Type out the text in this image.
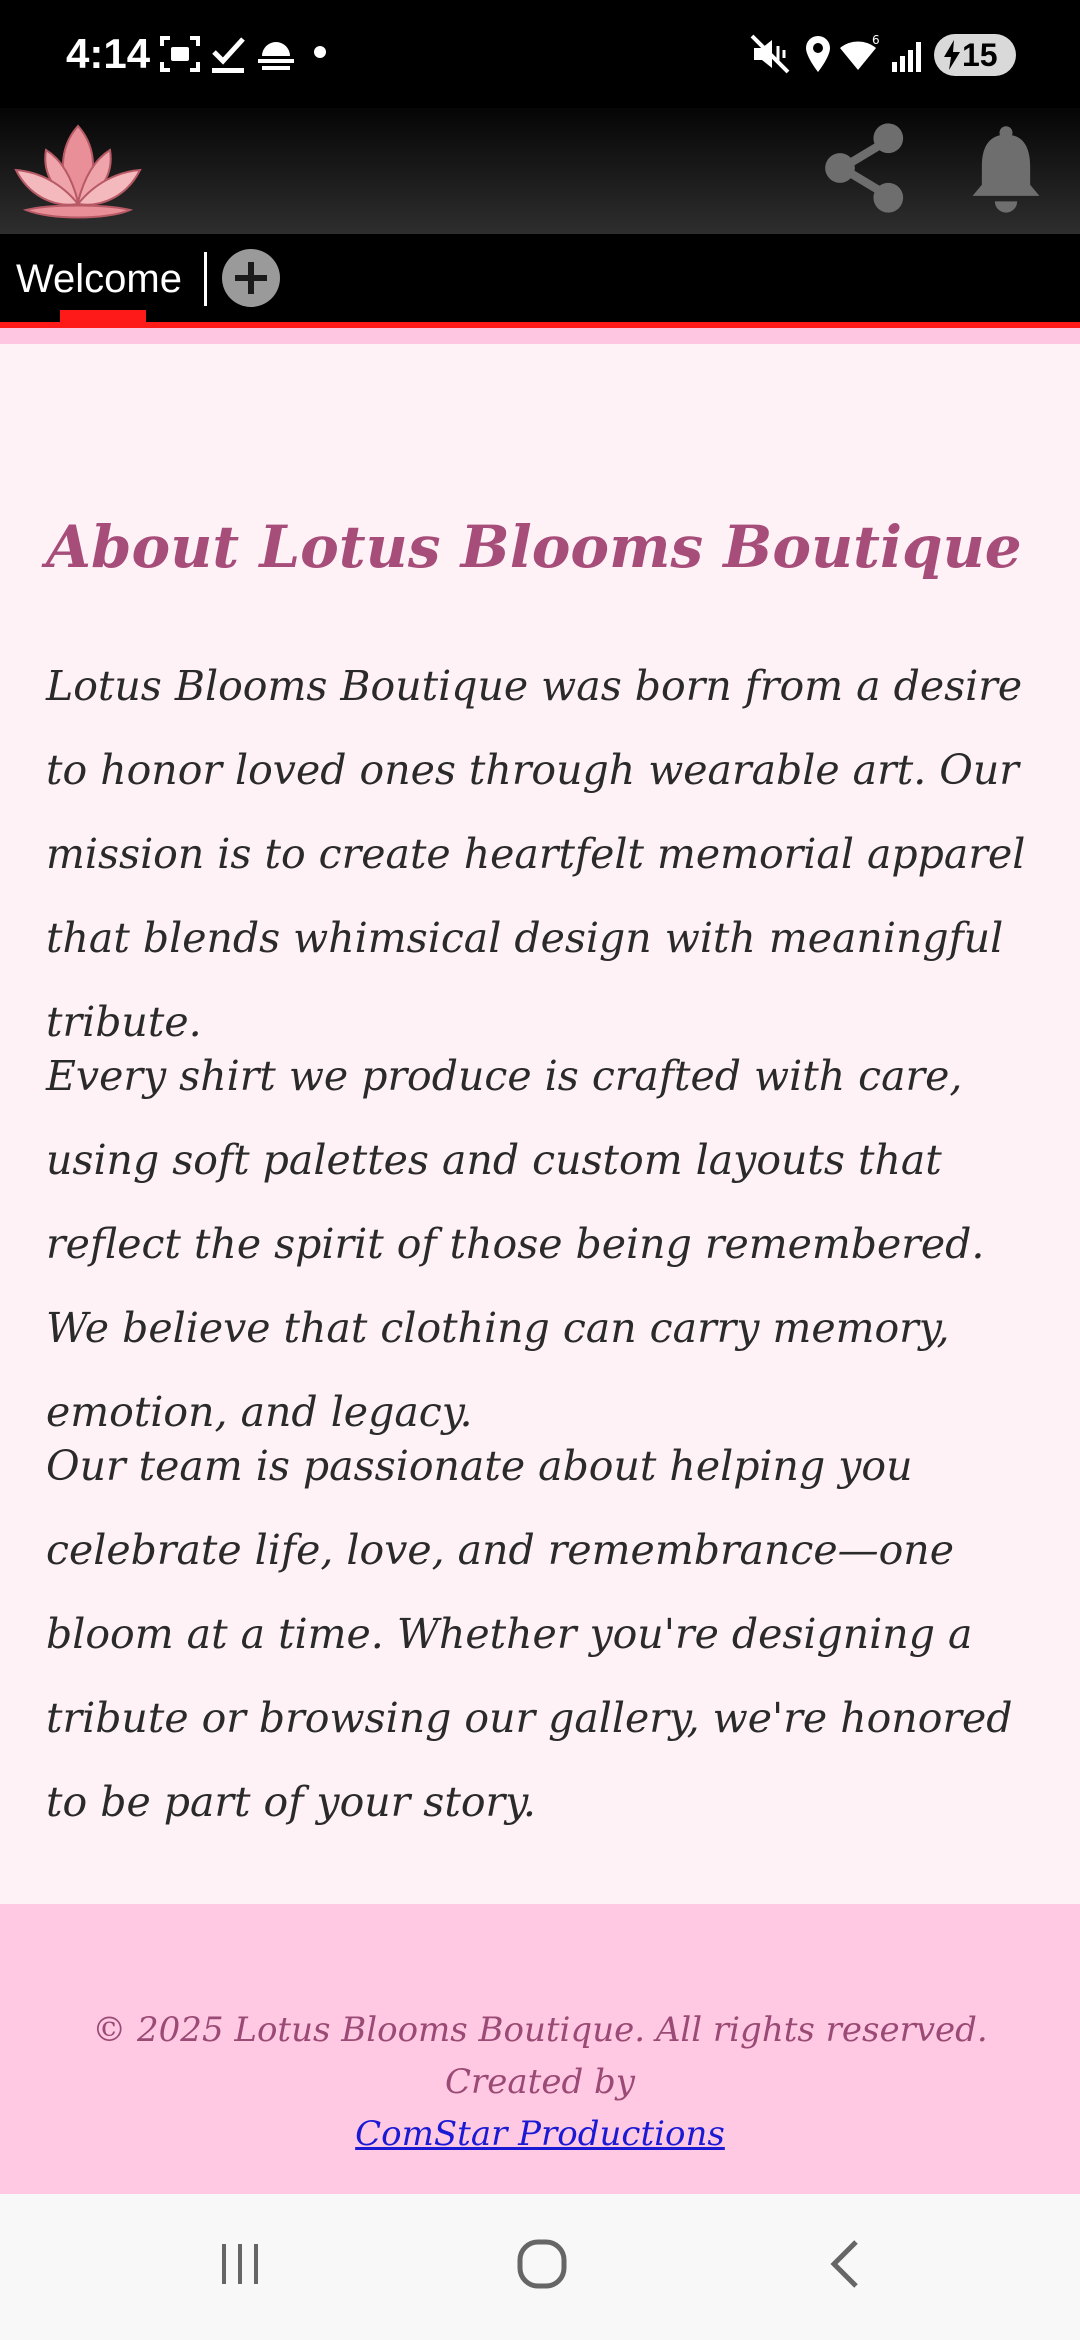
4:14	6	15
Welcome
About Lotus Blooms Boutique

Lotus Blooms Boutique was born from a desire to honor loved ones through wearable art. Our mission is to create heartfelt memorial apparel that blends whimsical design with meaningful tribute.

Every shirt we produce is crafted with care, using soft palettes and custom layouts that reflect the spirit of those being remembered. We believe that clothing can carry memory, emotion, and legacy.

Our team is passionate about helping you celebrate life, love, and remembrance—one bloom at a time. Whether you're designing a tribute or browsing our gallery, we're honored to be part of your story.

© 2025 Lotus Blooms Boutique. All rights reserved. Created by
ComStar Productions
